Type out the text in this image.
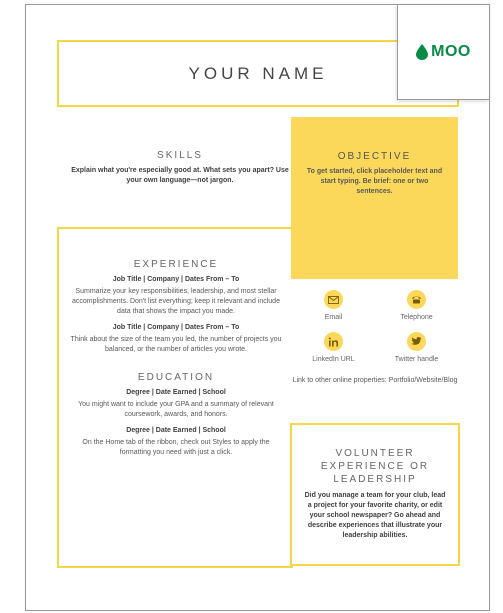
YOUR NAME
MOO

SKILLS

Explain what you're especially good at. What sets you apart? Use your own language—not jargon.

OBJECTIVE

To get started, click placeholder text and start typing. Be brief: one or two sentences.

EXPERIENCE

Job Title | Company | Dates From – To

Summarize your key responsibilities, leadership, and most stellar accomplishments. Don't list everything; keep it relevant and include data that shows the impact you made.

Job Title | Company | Dates From – To

Think about the size of the team you led, the number of projects you balanced, or the number of articles you wrote.

EDUCATION

Degree | Date Earned | School

You might want to include your GPA and a summary of relevant coursework, awards, and honors.

Degree | Date Earned | School

On the Home tab of the ribbon, check out Styles to apply the formatting you need with just a click.

Email	Telephone
LinkedIn URL	Twitter handle

Link to other online properties: Portfolio/Website/Blog

VOLUNTEER EXPERIENCE OR LEADERSHIP

Did you manage a team for your club, lead a project for your favorite charity, or edit your school newspaper? Go ahead and describe experiences that illustrate your leadership abilities.
